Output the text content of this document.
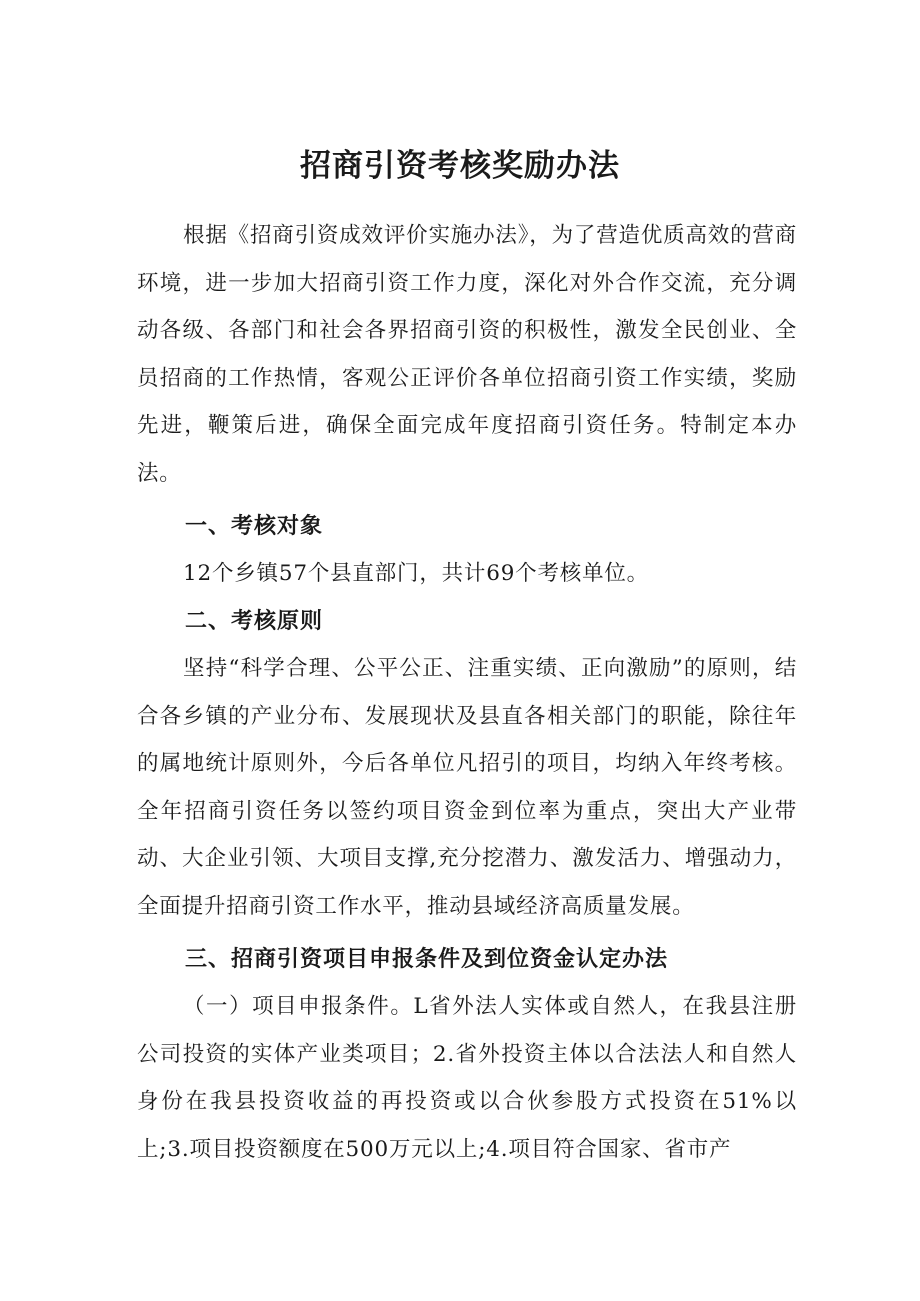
招商引资考核奖励办法

根据《招商引资成效评价实施办法》，为了营造优质高效的营商环境，进一步加大招商引资工作力度，深化对外合作交流，充分调动各级、各部门和社会各界招商引资的积极性，激发全民创业、全员招商的工作热情，客观公正评价各单位招商引资工作实绩，奖励先进，鞭策后进，确保全面完成年度招商引资任务。特制定本办法。

一、考核对象

12个乡镇57个县直部门，共计69个考核单位。

二、考核原则

坚持“科学合理、公平公正、注重实绩、正向激励”的原则，结合各乡镇的产业分布、发展现状及县直各相关部门的职能，除往年的属地统计原则外，今后各单位凡招引的项目，均纳入年终考核。全年招商引资任务以签约项目资金到位率为重点，突出大产业带动、大企业引领、大项目支撑,充分挖潜力、激发活力、增强动力，全面提升招商引资工作水平，推动县域经济高质量发展。

三、招商引资项目申报条件及到位资金认定办法

（一）项目申报条件。L省外法人实体或自然人，在我县注册公司投资的实体产业类项目；2.省外投资主体以合法法人和自然人身份在我县投资收益的再投资或以合伙参股方式投资在51%以上;3.项目投资额度在500万元以上;4.项目符合国家、省市产
